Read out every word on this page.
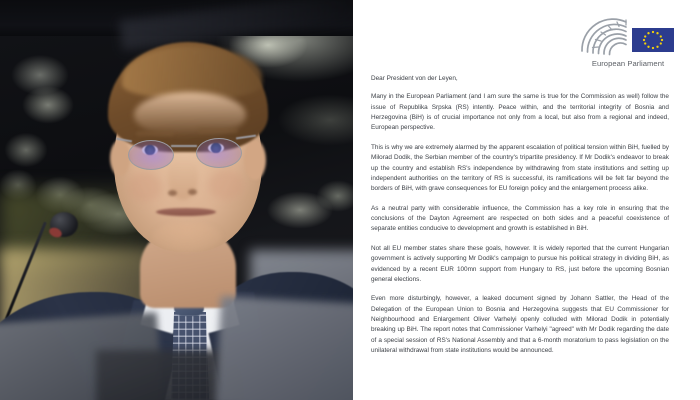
European Parliament

Dear President von der Leyen,

Many in the European Parliament (and I am sure the same is true for the Commission as well) follow the issue of Republika Srpska (RS) intently. Peace within, and the territorial integrity of Bosnia and Herzegovina (BiH) is of crucial importance not only from a local, but also from a regional and indeed, European perspective.

This is why we are extremely alarmed by the apparent escalation of political tension within BiH, fuelled by Milorad Dodik, the Serbian member of the country's tripartite presidency. If Mr Dodik's endeavor to break up the country and establish RS's independence by withdrawing from state institutions and setting up independent authorities on the territory of RS is successful, its ramifications will be felt far beyond the borders of BiH, with grave consequences for EU foreign policy and the enlargement process alike.

As a neutral party with considerable influence, the Commission has a key role in ensuring that the conclusions of the Dayton Agreement are respected on both sides and a peaceful coexistence of separate entities conducive to development and growth is established in BiH.

Not all EU member states share these goals, however. It is widely reported that the current Hungarian government is actively supporting Mr Dodik's campaign to pursue his political strategy in dividing BiH, as evidenced by a recent EUR 100mn support from Hungary to RS, just before the upcoming Bosnian general elections.

Even more disturbingly, however, a leaked document signed by Johann Sattler, the Head of the Delegation of the European Union to Bosnia and Herzegovina suggests that EU Commissioner for Neighbourhood and Enlargement Oliver Varhelyi openly colluded with Milorad Dodik in potentially breaking up BiH. The report notes that Commissioner Varhelyi "agreed" with Mr Dodik regarding the date of a special session of RS's National Assembly and that a 6-month moratorium to pass legislation on the unilateral withdrawal from state institutions would be announced.
